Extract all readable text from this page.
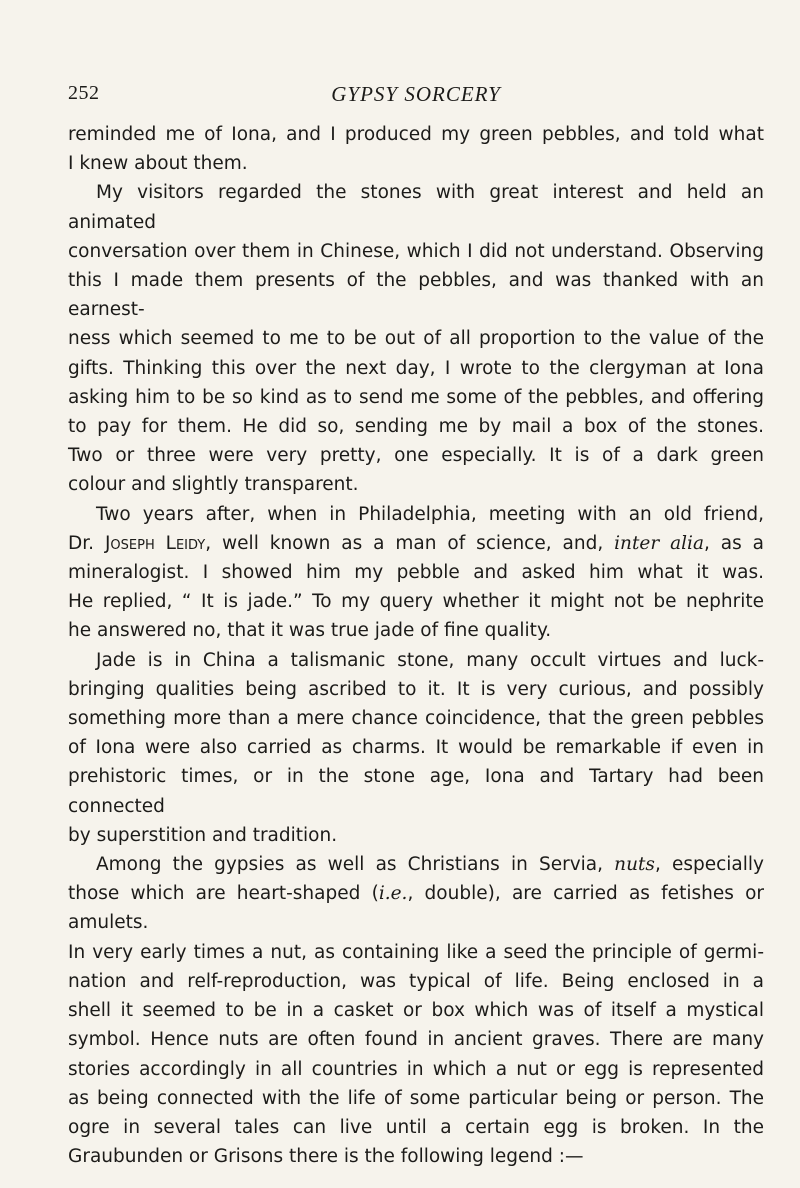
252	GYPSY SORCERY
reminded me of Iona, and I produced my green pebbles, and told what
I knew about them.
My visitors regarded the stones with great interest and held an animated
conversation over them in Chinese, which I did not understand. Observing
this I made them presents of the pebbles, and was thanked with an earnest-
ness which seemed to me to be out of all proportion to the value of the
gifts. Thinking this over the next day, I wrote to the clergyman at Iona
asking him to be so kind as to send me some of the pebbles, and offering
to pay for them. He did so, sending me by mail a box of the stones.
Two or three were very pretty, one especially. It is of a dark green
colour and slightly transparent.
Two years after, when in Philadelphia, meeting with an old friend,
Dr. Joseph Leidy, well known as a man of science, and, inter alia, as a
mineralogist. I showed him my pebble and asked him what it was.
He replied, “ It is jade.” To my query whether it might not be nephrite
he answered no, that it was true jade of fine quality.
Jade is in China a talismanic stone, many occult virtues and luck-
bringing qualities being ascribed to it. It is very curious, and possibly
something more than a mere chance coincidence, that the green pebbles
of Iona were also carried as charms. It would be remarkable if even in
prehistoric times, or in the stone age, Iona and Tartary had been connected
by superstition and tradition.
Among the gypsies as well as Christians in Servia, nuts, especially
those which are heart-shaped (i.e., double), are carried as fetishes or amulets.
In very early times a nut, as containing like a seed the principle of germi-
nation and relf-reproduction, was typical of life. Being enclosed in a
shell it seemed to be in a casket or box which was of itself a mystical
symbol. Hence nuts are often found in ancient graves. There are many
stories accordingly in all countries in which a nut or egg is represented
as being connected with the life of some particular being or person. The
ogre in several tales can live until a certain egg is broken. In the
Graubunden or Grisons there is the following legend :—
